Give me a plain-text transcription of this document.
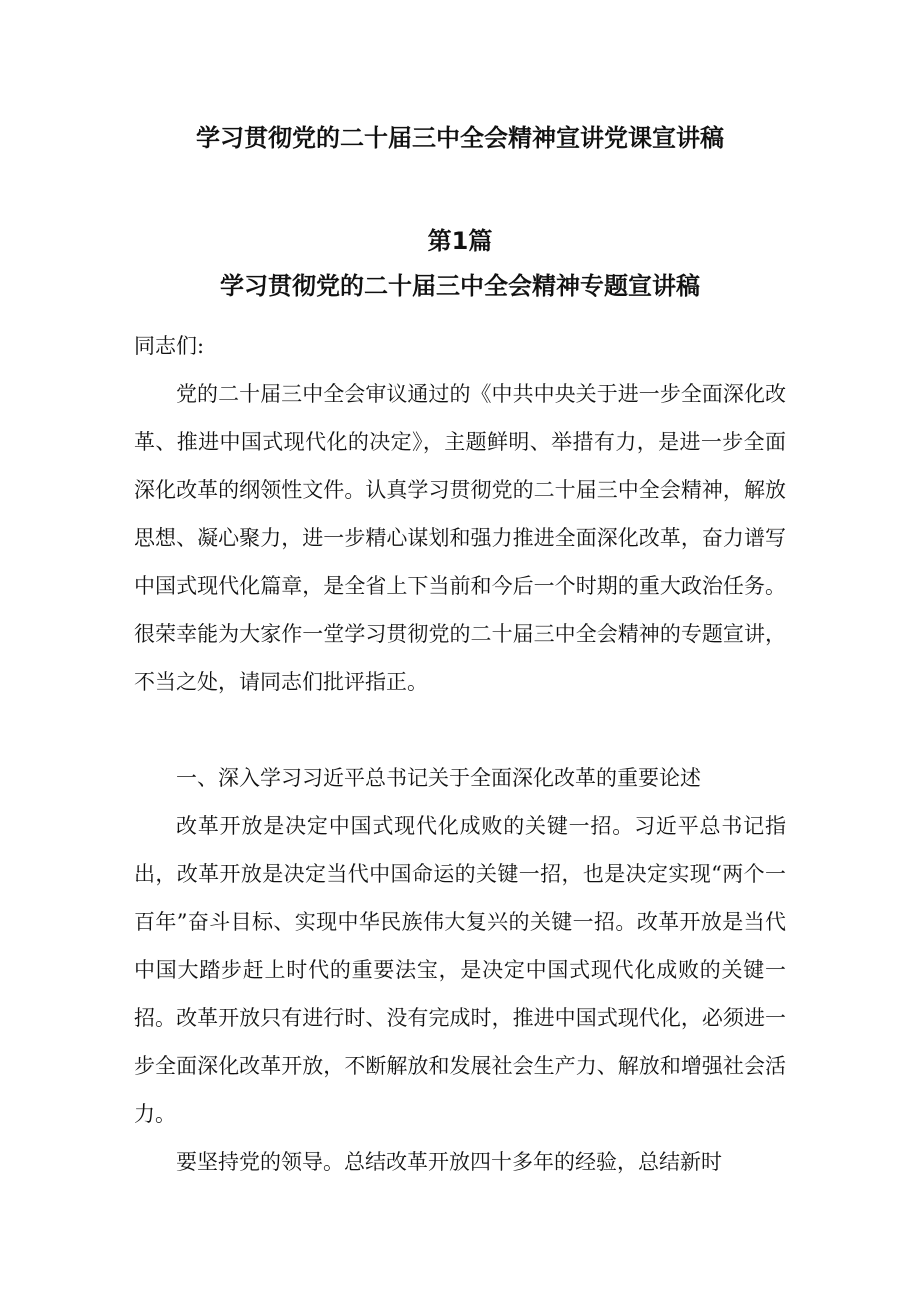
学习贯彻党的二十届三中全会精神宣讲党课宣讲稿
第1篇
学习贯彻党的二十届三中全会精神专题宣讲稿

同志们:

党的二十届三中全会审议通过的《中共中央关于进一步全面深化改革、推进中国式现代化的决定》，主题鲜明、举措有力，是进一步全面深化改革的纲领性文件。认真学习贯彻党的二十届三中全会精神，解放思想、凝心聚力，进一步精心谋划和强力推进全面深化改革，奋力谱写中国式现代化篇章，是全省上下当前和今后一个时期的重大政治任务。很荣幸能为大家作一堂学习贯彻党的二十届三中全会精神的专题宣讲，不当之处，请同志们批评指正。

一、深入学习习近平总书记关于全面深化改革的重要论述

改革开放是决定中国式现代化成败的关键一招。习近平总书记指出，改革开放是决定当代中国命运的关键一招，也是决定实现“两个一百年”奋斗目标、实现中华民族伟大复兴的关键一招。改革开放是当代中国大踏步赶上时代的重要法宝，是决定中国式现代化成败的关键一招。改革开放只有进行时、没有完成时，推进中国式现代化，必须进一步全面深化改革开放，不断解放和发展社会生产力、解放和增强社会活力。

要坚持党的领导。总结改革开放四十多年的经验，总结新时
